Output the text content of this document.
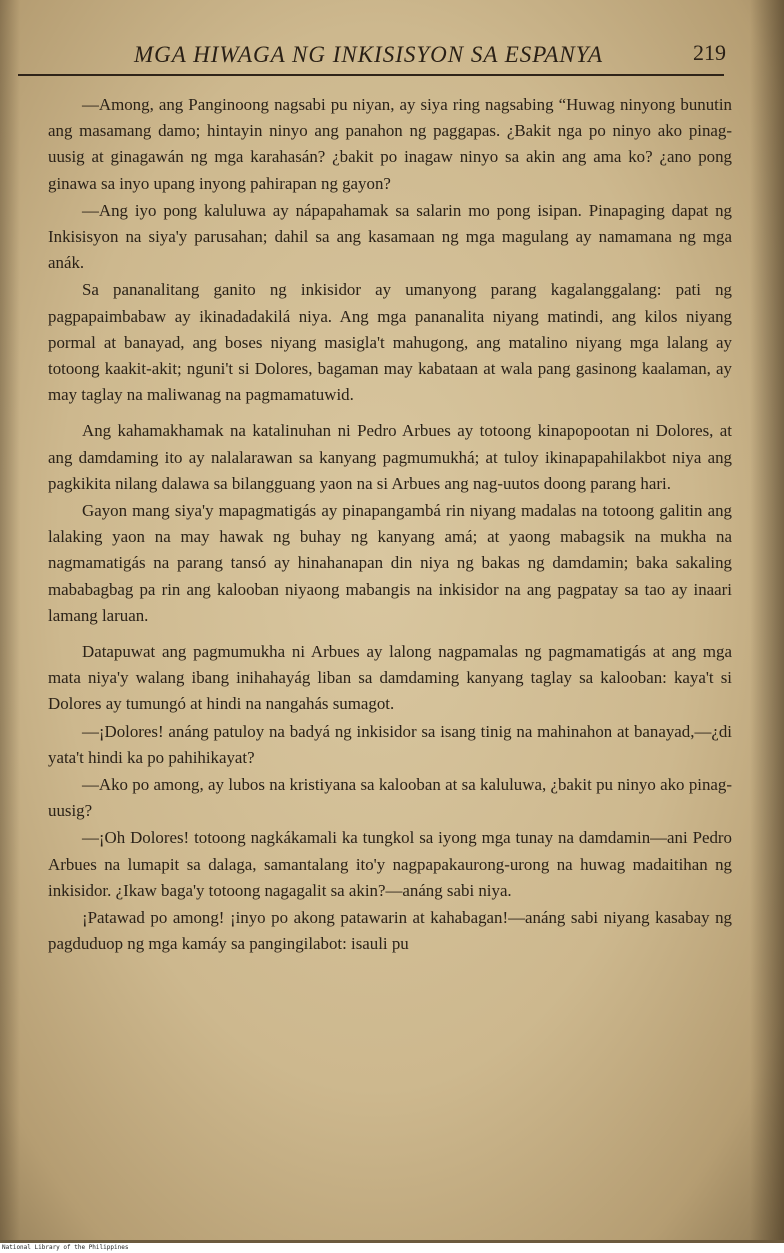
MGA HIWAGA NG INKISISYON SA ESPANYA	219

—Among, ang Panginoong nagsabi pu niyan, ay siya ring nagsabing “Huwag ninyong bunutin ang masamang damo; hintayin ninyo ang panahon ng paggapas. ¿Bakit nga po ninyo ako pinag-uusig at ginagawán ng mga karahasán? ¿bakit po inagaw ninyo sa akin ang ama ko? ¿ano pong ginawa sa inyo upang inyong pahirapan ng gayon?

—Ang iyo pong kaluluwa ay nápapahamak sa salarin mo pong isipan. Pinapaging dapat ng Inkisisyon na siya'y parusahan; dahil sa ang kasamaan ng mga magulang ay namamana ng mga anák.

Sa pananalitang ganito ng inkisidor ay umanyong parang kagalanggalang: pati ng pagpapaimbabaw ay ikinadadakilá niya. Ang mga pananalita niyang matindi, ang kilos niyang pormal at banayad, ang boses niyang masigla't mahugong, ang matalino niyang mga lalang ay totoong kaakit-akit; nguni't si Dolores, bagaman may kabataan at wala pang gasinong kaalaman, ay may taglay na maliwanag na pagmamatuwid.

Ang kahamakhamak na katalinuhan ni Pedro Arbues ay totoong kinapopootan ni Dolores, at ang damdaming ito ay nalalarawan sa kanyang pagmumukhá; at tuloy ikinapapahilakbot niya ang pagkikita nilang dalawa sa bilangguang yaon na si Arbues ang nag-uutos doong parang hari.

Gayon mang siya'y mapagmatigás ay pinapangambá rin niyang madalas na totoong galitin ang lalaking yaon na may hawak ng buhay ng kanyang amá; at yaong mabagsik na mukha na nagmamatigás na parang tansó ay hinahanapan din niya ng bakas ng damdamin; baka sakaling mababagbag pa rin ang kalooban niyaong mabangis na inkisidor na ang pagpatay sa tao ay inaari lamang laruan.

Datapuwat ang pagmumukha ni Arbues ay lalong nagpamalas ng pagmamatigás at ang mga mata niya'y walang ibang inihahayág liban sa damdaming kanyang taglay sa kalooban: kaya't si Dolores ay tumungó at hindi na nangahás sumagot.

—¡Dolores! anáng patuloy na badyá ng inkisidor sa isang tinig na mahinahon at banayad,—¿di yata't hindi ka po pahihikayat?

—Ako po among, ay lubos na kristiyana sa kalooban at sa kaluluwa, ¿bakit pu ninyo ako pinag-uusig?

—¡Oh Dolores! totoong nagkákamali ka tungkol sa iyong mga tunay na damdamin—ani Pedro Arbues na lumapit sa dalaga, samantalang ito'y nagpapakaurong-urong na huwag madaitihan ng inkisidor. ¿Ikaw baga'y totoong nagagalit sa akin?—anáng sabi niya.

¡Patawad po among! ¡inyo po akong patawarin at kahabagan!—anáng sabi niyang kasabay ng pagduduop ng mga kamáy sa pangingilabot: isauli pu

National Library of the Philippines
